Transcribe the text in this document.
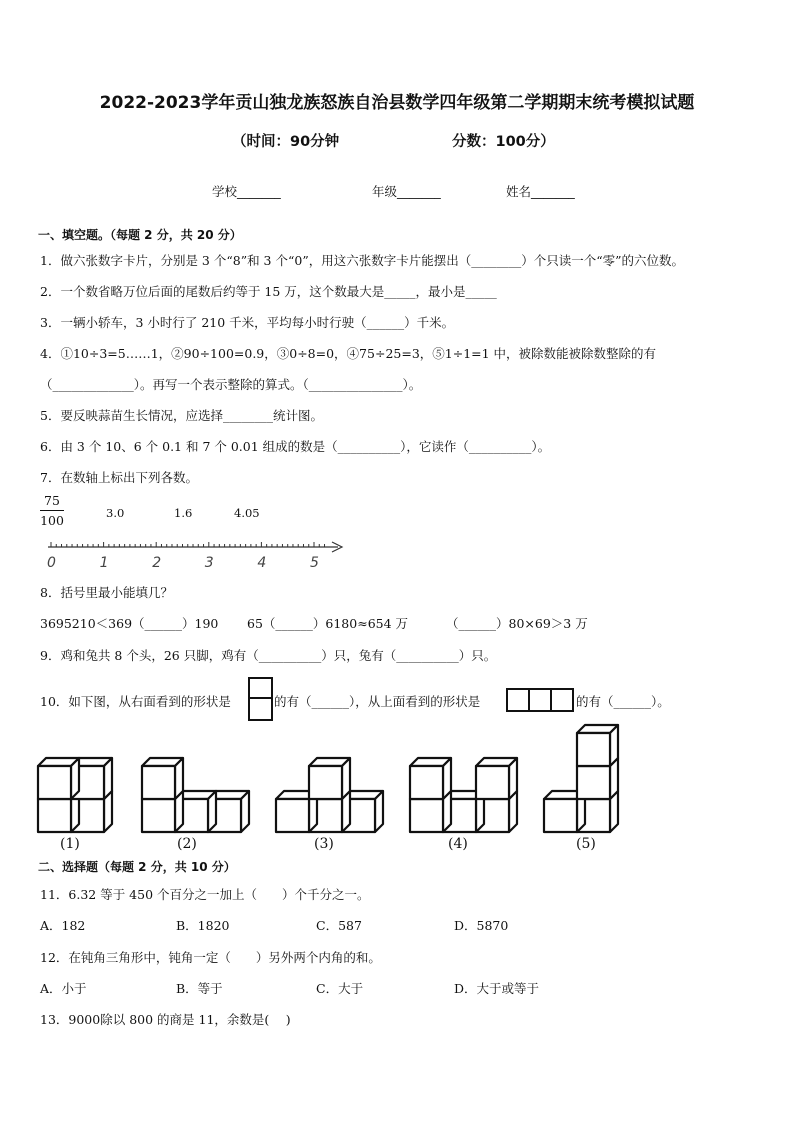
2022-2023学年贡山独龙族怒族自治县数学四年级第二学期期末统考模拟试题
（时间：90分钟	分数：100分）
学校_______	年级_______	姓名_______
一、填空题。（每题 2 分，共 20 分）
1．做六张数字卡片，分别是 3 个“8”和 3 个“0”，用这六张数字卡片能摆出（________）个只读一个“零”的六位数。
2．一个数省略万位后面的尾数后约等于 15 万，这个数最大是_____，最小是_____
3．一辆小轿车，3 小时行了 210 千米，平均每小时行驶（______）千米。
4．①10÷3=5……1，②90÷100=0.9，③0÷8=0，④75÷25=3，⑤1÷1=1 中，被除数能被除数整除的有
（_____________）。再写一个表示整除的算式。（_______________）。
5．要反映蒜苗生长情况，应选择________统计图。
6．由 3 个 10、6 个 0.1 和 7 个 0.01 组成的数是（__________），它读作（__________）。
7．在数轴上标出下列各数。
75
100	3.0	1.6	4.05
0	1	2	3	4	5
8．括号里最小能填几？
3695210＜369（______）190 65（______）6180≈654 万	（______）80×69＞3 万
9．鸡和兔共 8 个头，26 只脚，鸡有（__________）只，兔有（__________）只。
10．如下图，从右面看到的形状是	的有（______），从上面看到的形状是	的有（______）。
(1)	(2)	(3)	(4)	(5)
二、选择题（每题 2 分，共 10 分）
11．6.32 等于 450 个百分之一加上（　　）个千分之一。
A．182	B．1820	C．587	D．5870
12．在钝角三角形中，钝角一定（　　）另外两个内角的和。
A．小于	B．等于	C．大于	D．大于或等于
13．9000除以 800 的商是 11，余数是(　 )
